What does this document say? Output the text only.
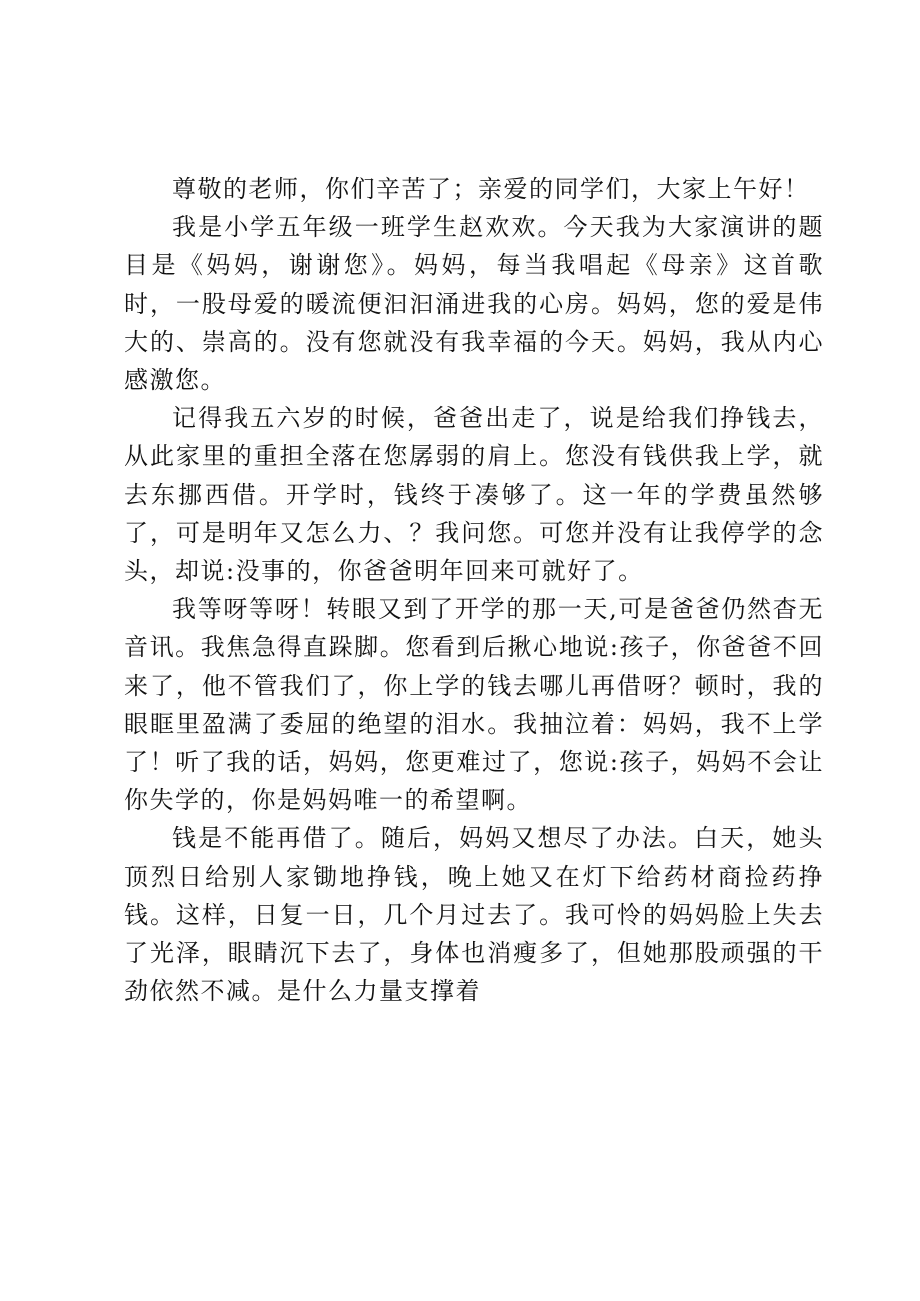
尊敬的老师，你们辛苦了；亲爱的同学们，大家上午好！

我是小学五年级一班学生赵欢欢。今天我为大家演讲的题目是《妈妈，谢谢您》。妈妈，每当我唱起《母亲》这首歌时，一股母爱的暖流便汩汩涌进我的心房。妈妈，您的爱是伟大的、崇高的。没有您就没有我幸福的今天。妈妈，我从内心感激您。

记得我五六岁的时候，爸爸出走了，说是给我们挣钱去，从此家里的重担全落在您孱弱的肩上。您没有钱供我上学，就去东挪西借。开学时，钱终于凑够了。这一年的学费虽然够了，可是明年又怎么力、？我问您。可您并没有让我停学的念头，却说:没事的，你爸爸明年回来可就好了。

我等呀等呀！转眼又到了开学的那一天,可是爸爸仍然杳无音讯。我焦急得直跺脚。您看到后揪心地说:孩子，你爸爸不回来了，他不管我们了，你上学的钱去哪儿再借呀？顿时，我的眼眶里盈满了委屈的绝望的泪水。我抽泣着：妈妈，我不上学了！听了我的话，妈妈，您更难过了，您说:孩子，妈妈不会让你失学的，你是妈妈唯一的希望啊。

钱是不能再借了。随后，妈妈又想尽了办法。白天，她头顶烈日给别人家锄地挣钱，晚上她又在灯下给药材商捡药挣钱。这样，日复一日，几个月过去了。我可怜的妈妈脸上失去了光泽，眼睛沉下去了，身体也消瘦多了，但她那股顽强的干劲依然不减。是什么力量支撑着
